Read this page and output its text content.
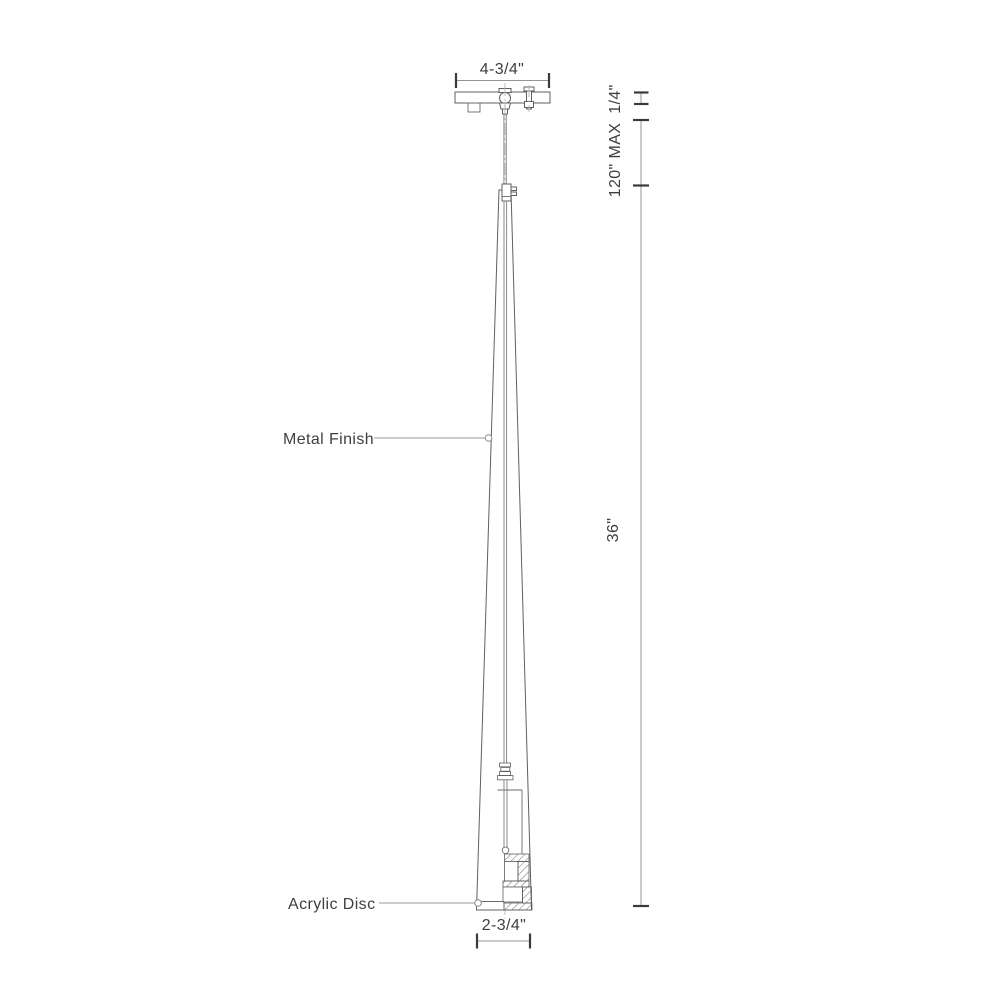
Metal Finish
Acrylic Disc
4-3/4"
2-3/4"
1/4"
120" MAX
36"
